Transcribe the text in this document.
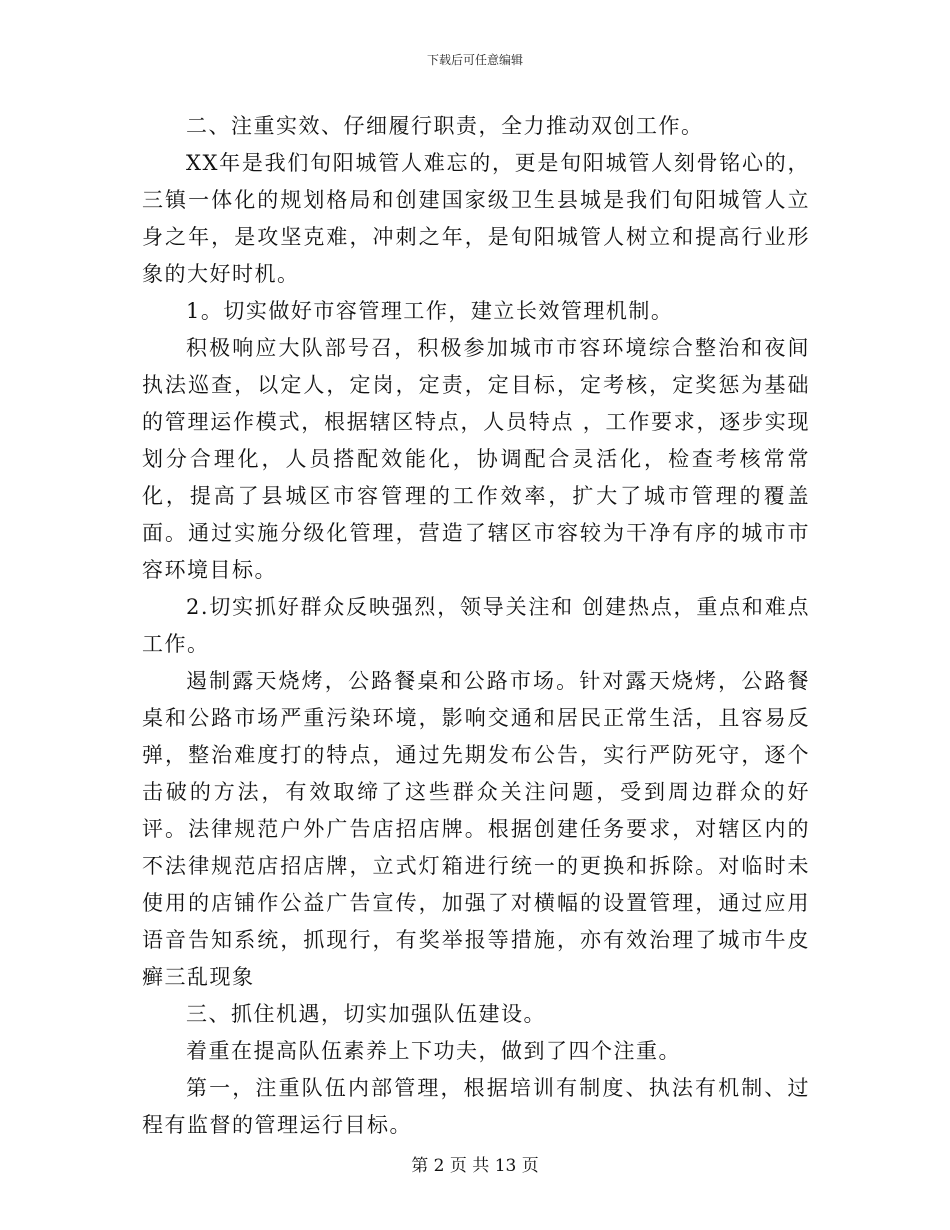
下载后可任意编辑

二、注重实效、仔细履行职责，全力推动双创工作。

XX年是我们旬阳城管人难忘的，更是旬阳城管人刻骨铭心的，三镇一体化的规划格局和创建国家级卫生县城是我们旬阳城管人立身之年，是攻坚克难，冲刺之年，是旬阳城管人树立和提高行业形象的大好时机。

1。切实做好市容管理工作，建立长效管理机制。

积极响应大队部号召，积极参加城市市容环境综合整治和夜间执法巡查，以定人，定岗，定责，定目标，定考核，定奖惩为基础的管理运作模式，根据辖区特点，人员特点 ，工作要求，逐步实现划分合理化，人员搭配效能化，协调配合灵活化，检查考核常常化，提高了县城区市容管理的工作效率，扩大了城市管理的覆盖面。通过实施分级化管理，营造了辖区市容较为干净有序的城市市容环境目标。

2.切实抓好群众反映强烈，领导关注和 创建热点，重点和难点工作。

遏制露天烧烤，公路餐桌和公路市场。针对露天烧烤，公路餐桌和公路市场严重污染环境，影响交通和居民正常生活，且容易反弹，整治难度打的特点，通过先期发布公告，实行严防死守，逐个击破的方法，有效取缔了这些群众关注问题，受到周边群众的好评。法律规范户外广告店招店牌。根据创建任务要求，对辖区内的不法律规范店招店牌，立式灯箱进行统一的更换和拆除。对临时未使用的店铺作公益广告宣传，加强了对横幅的设置管理，通过应用语音告知系统，抓现行，有奖举报等措施，亦有效治理了城市牛皮癣三乱现象

三、抓住机遇，切实加强队伍建设。

着重在提高队伍素养上下功夫，做到了四个注重。

第一，注重队伍内部管理，根据培训有制度、执法有机制、过程有监督的管理运行目标。

第 2 页 共 13 页
